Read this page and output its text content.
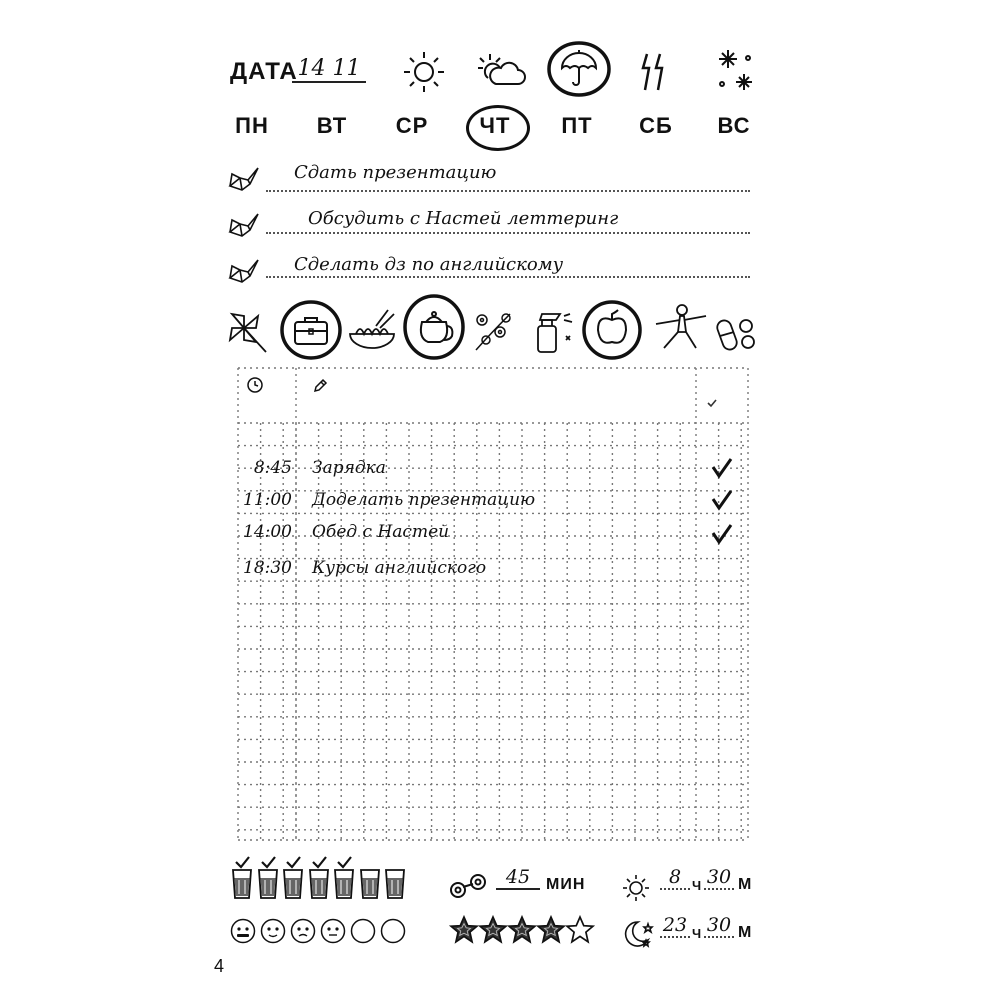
ДАТА 14 11
ПН	ВТ	СР	ЧТ	ПТ	СБ	ВС
Сдать презентацию
Обсудить с Настей леттеринг
Сделать дз по английскому
8:45 Зарядка
11:00 Доделать презентацию
14:00 Обед с Настей
18:30 Курсы английского
45 МИН	8 Ч 30 М
23 Ч 30 М
4
